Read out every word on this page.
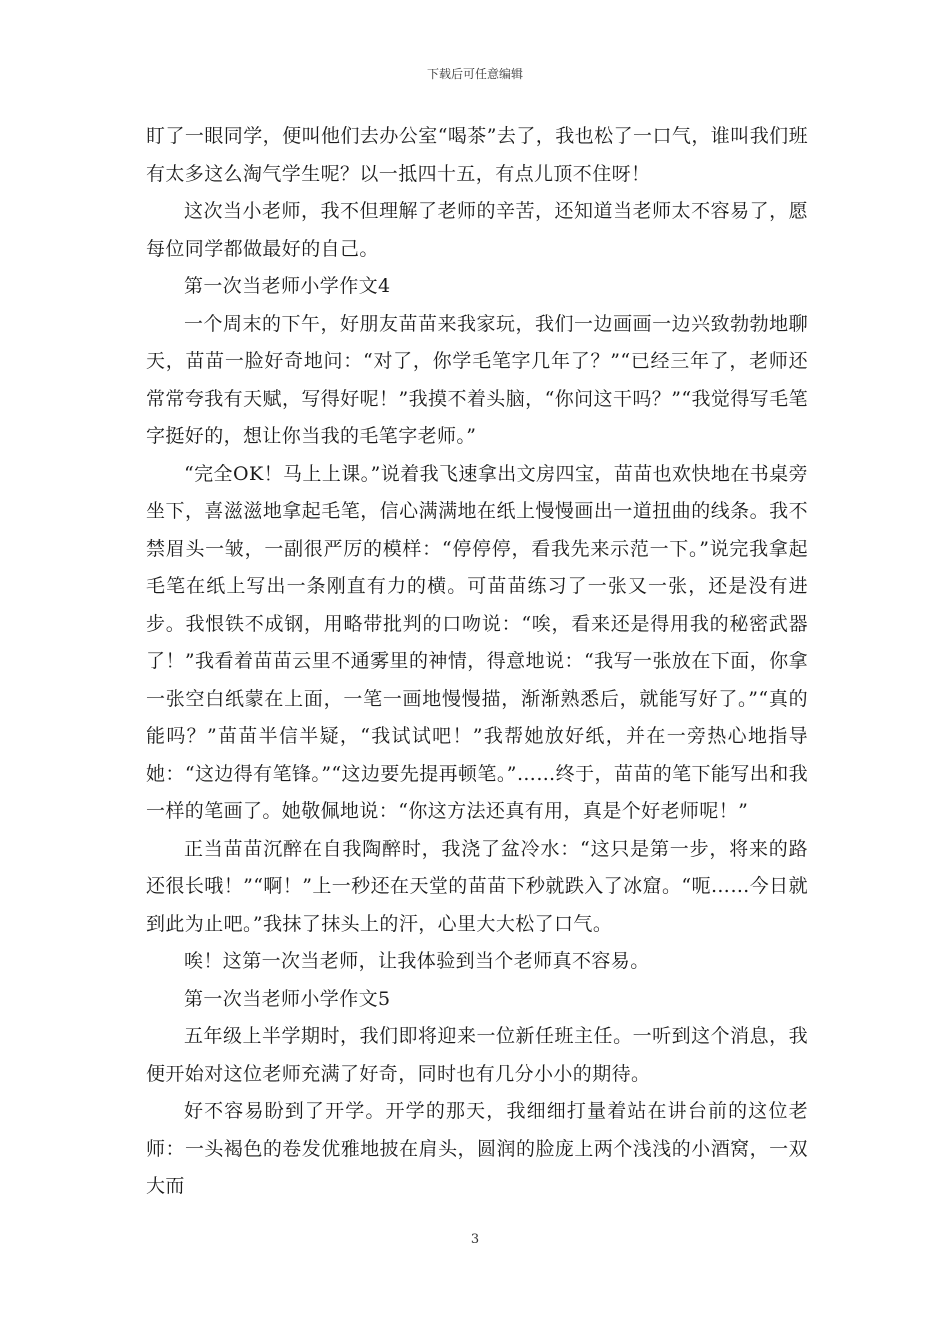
下载后可任意编辑

盯了一眼同学，便叫他们去办公室“喝茶”去了，我也松了一口气，谁叫我们班有太多这么淘气学生呢？以一抵四十五，有点儿顶不住呀！

这次当小老师，我不但理解了老师的辛苦，还知道当老师太不容易了，愿每位同学都做最好的自己。

第一次当老师小学作文4

一个周末的下午，好朋友苗苗来我家玩，我们一边画画一边兴致勃勃地聊天，苗苗一脸好奇地问：“对了，你学毛笔字几年了？”“已经三年了，老师还常常夸我有天赋，写得好呢！”我摸不着头脑，“你问这干吗？”“我觉得写毛笔字挺好的，想让你当我的毛笔字老师。”

“完全OK！马上上课。”说着我飞速拿出文房四宝，苗苗也欢快地在书桌旁坐下，喜滋滋地拿起毛笔，信心满满地在纸上慢慢画出一道扭曲的线条。我不禁眉头一皱，一副很严厉的模样：“停停停，看我先来示范一下。”说完我拿起毛笔在纸上写出一条刚直有力的横。可苗苗练习了一张又一张，还是没有进步。我恨铁不成钢，用略带批判的口吻说：“唉，看来还是得用我的秘密武器了！”我看着苗苗云里不通雾里的神情，得意地说：“我写一张放在下面，你拿一张空白纸蒙在上面，一笔一画地慢慢描，渐渐熟悉后，就能写好了。”“真的能吗？”苗苗半信半疑，“我试试吧！”我帮她放好纸，并在一旁热心地指导她：“这边得有笔锋。”“这边要先提再顿笔。”……终于，苗苗的笔下能写出和我一样的笔画了。她敬佩地说：“你这方法还真有用，真是个好老师呢！”

正当苗苗沉醉在自我陶醉时，我浇了盆冷水：“这只是第一步，将来的路还很长哦！”“啊！”上一秒还在天堂的苗苗下秒就跌入了冰窟。“呃……今日就到此为止吧。”我抹了抹头上的汗，心里大大松了口气。

唉！这第一次当老师，让我体验到当个老师真不容易。

第一次当老师小学作文5

五年级上半学期时，我们即将迎来一位新任班主任。一听到这个消息，我便开始对这位老师充满了好奇，同时也有几分小小的期待。

好不容易盼到了开学。开学的那天，我细细打量着站在讲台前的这位老师：一头褐色的卷发优雅地披在肩头，圆润的脸庞上两个浅浅的小酒窝，一双大而

3
